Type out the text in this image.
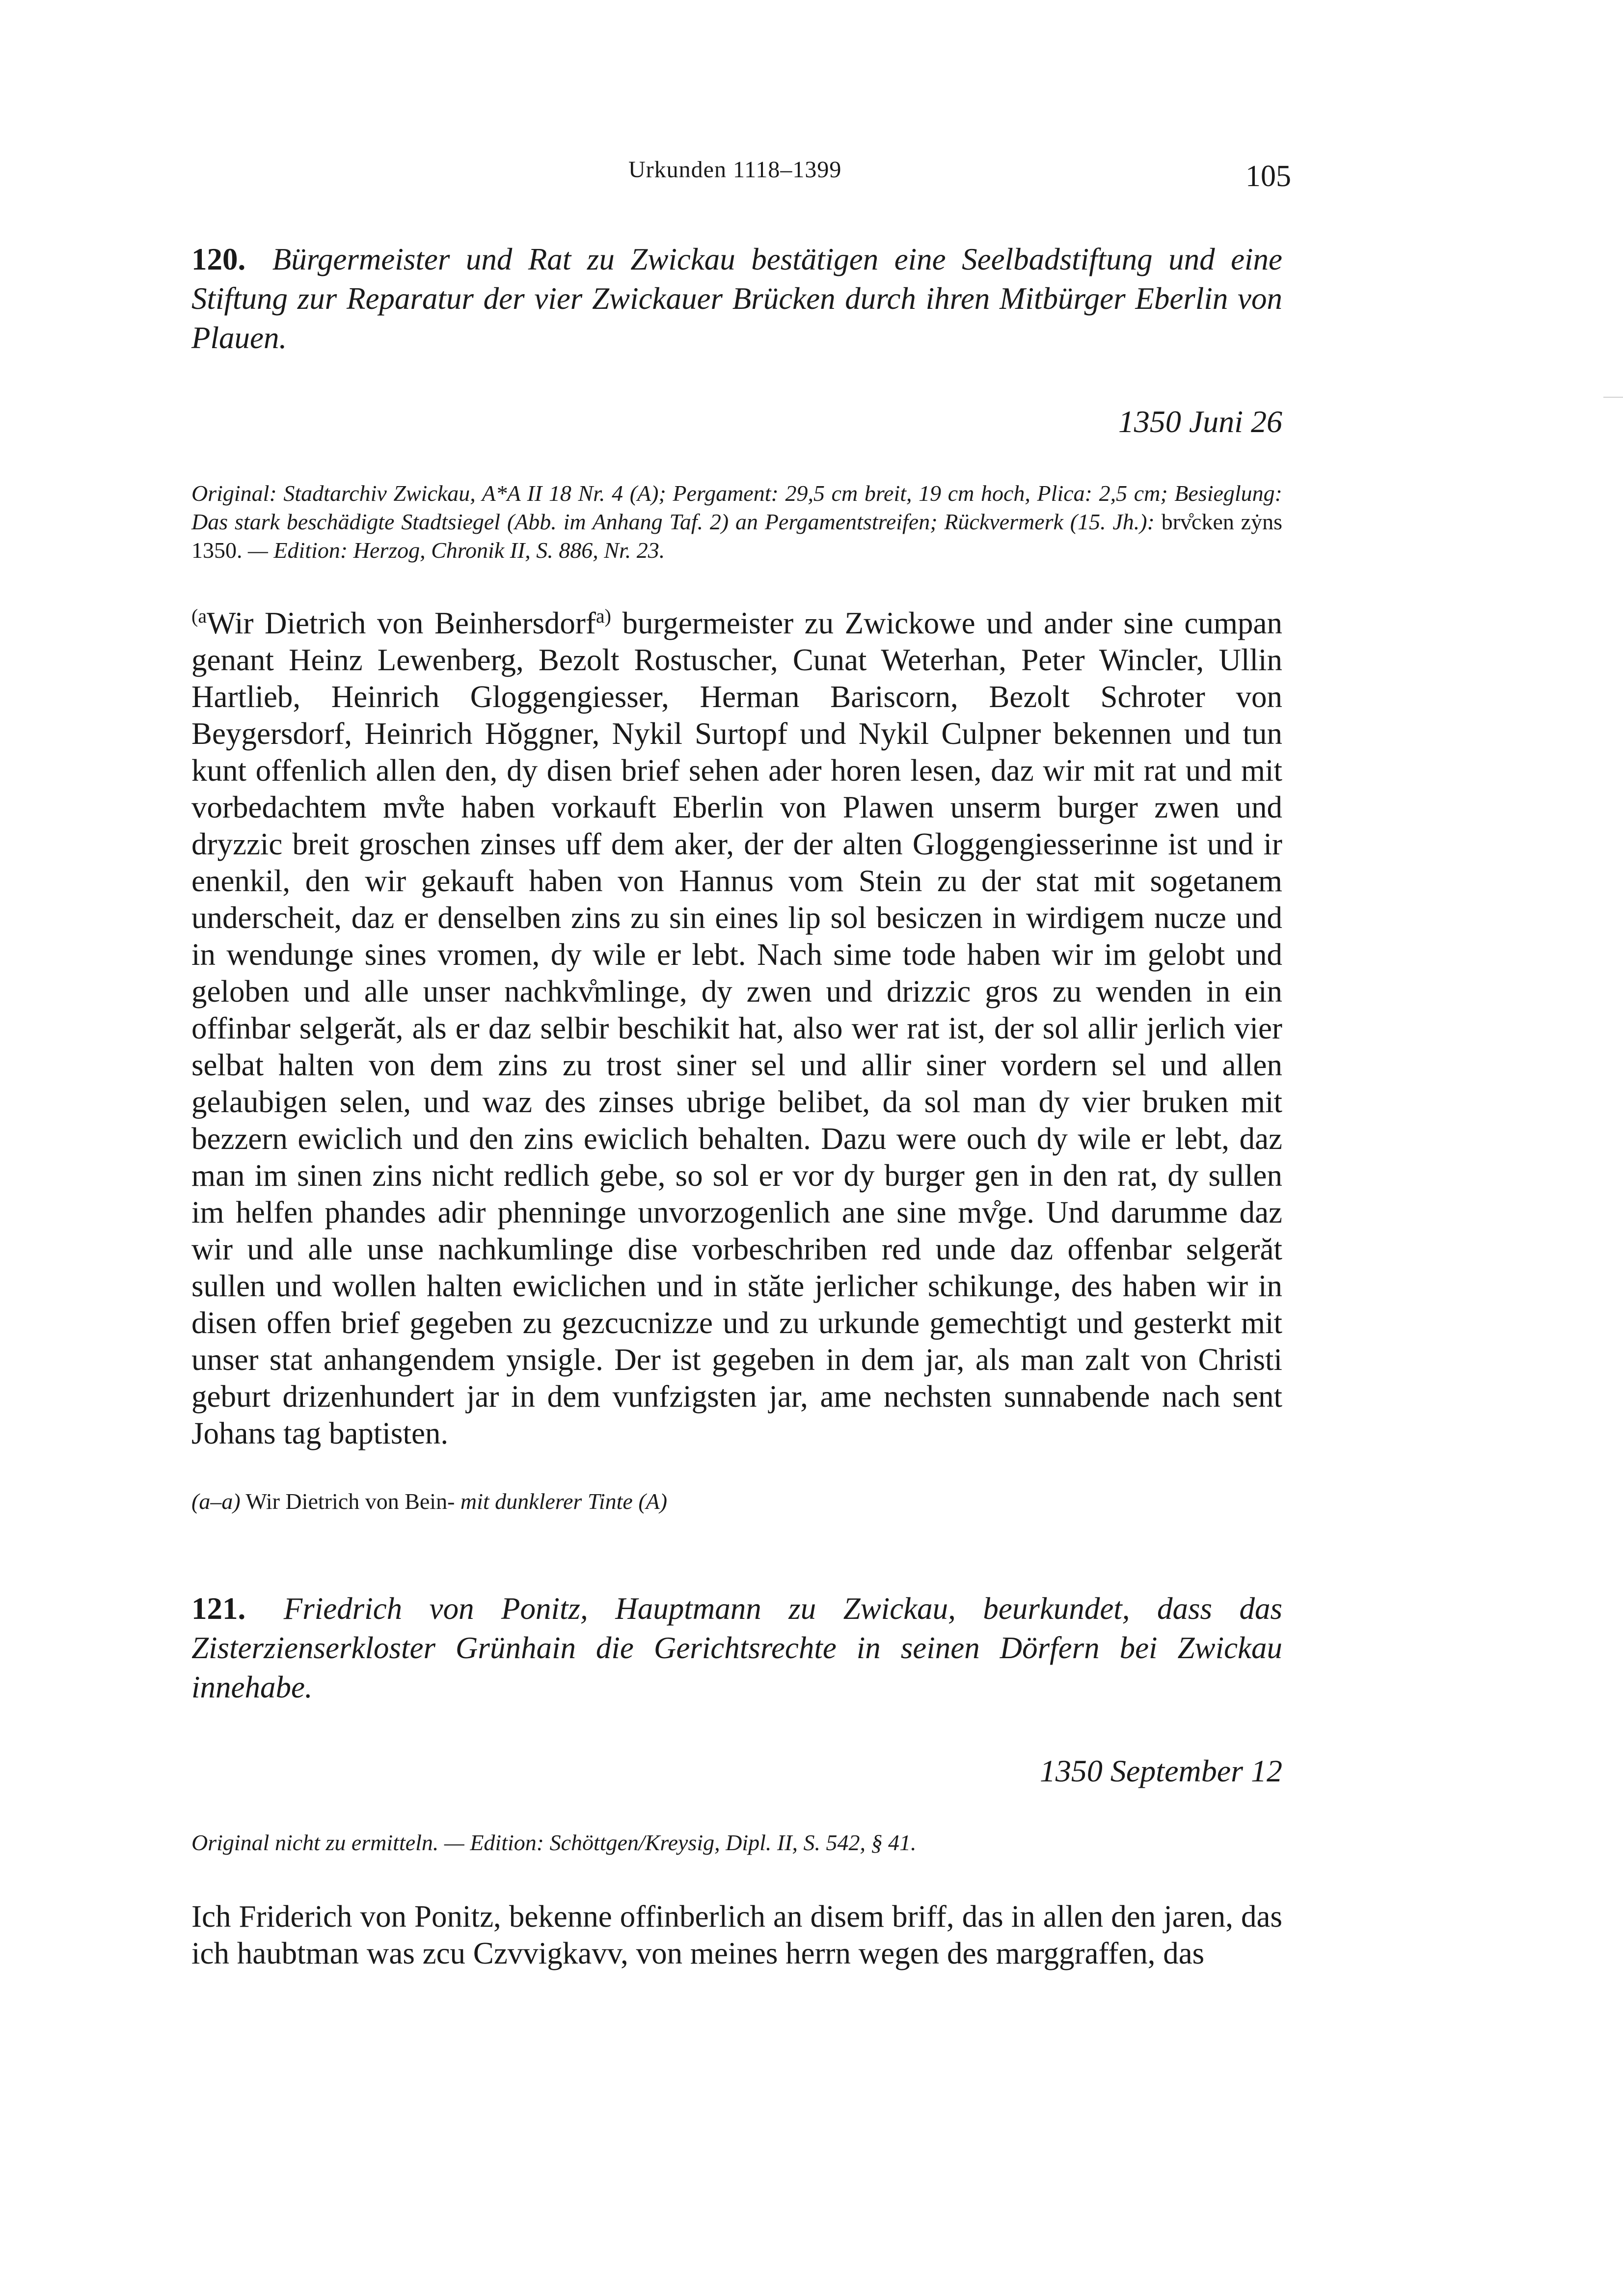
Urkunden 1118–1399	105
120. Bürgermeister und Rat zu Zwickau bestätigen eine Seelbadstiftung und eine Stiftung zur Reparatur der vier Zwickauer Brücken durch ihren Mitbürger Eberlin von Plauen.
1350 Juni 26
Original: Stadtarchiv Zwickau, A*A II 18 Nr. 4 (A); Pergament: 29,5 cm breit, 19 cm hoch, Plica: 2,5 cm; Besieglung: Das stark beschädigte Stadtsiegel (Abb. im Anhang Taf. 2) an Pergamentstreifen; Rückvermerk (15. Jh.): brv̊cken zẏns 1350. — Edition: Herzog, Chronik II, S. 886, Nr. 23.
$^{(a}$Wir Dietrich von Beinhersdorf$^{a)}$ burgermeister zu Zwickowe und ander sine cumpan genant Heinz Lewenberg, Bezolt Rostuscher, Cunat Weterhan, Peter Wincler, Ullin Hartlieb, Heinrich Gloggengiesser, Herman Bariscorn, Bezolt Schroter von Beygersdorf, Heinrich Hŏggner, Nykil Surtopf und Nykil Culpner bekennen und tun kunt offenlich allen den, dy disen brief sehen ader horen lesen, daz wir mit rat und mit vorbedachtem mv̊te haben vorkauft Eberlin von Plawen unserm burger zwen und dryzzic breit groschen zinses uff dem aker, der der alten Gloggengiesserinne ist und ir enenkil, den wir gekauft haben von Hannus vom Stein zu der stat mit sogetanem underscheit, daz er denselben zins zu sin eines lip sol besiczen in wirdigem nucze und in wendunge sines vromen, dy wile er lebt. Nach sime tode haben wir im gelobt und geloben und alle unser nachkv̊mlinge, dy zwen und drizzic gros zu wenden in ein offinbar selgerăt, als er daz selbir beschikit hat, also wer rat ist, der sol allir jerlich vier selbat halten von dem zins zu trost siner sel und allir siner vordern sel und allen gelaubigen selen, und waz des zinses ubrige belibet, da sol man dy vier bruken mit bezzern ewiclich und den zins ewiclich behalten. Dazu were ouch dy wile er lebt, daz man im sinen zins nicht redlich gebe, so sol er vor dy burger gen in den rat, dy sullen im helfen phandes adir phenninge unvorzogenlich ane sine mv̊ge. Und darumme daz wir und alle unse nachkumlinge dise vorbeschriben red unde daz offenbar selgerăt sullen und wollen halten ewiclichen und in stăte jerlicher schikunge, des haben wir in disen offen brief gegeben zu gezcucnizze und zu urkunde gemechtigt und gesterkt mit unser stat anhangendem ynsigle. Der ist gegeben in dem jar, als man zalt von Christi geburt drizenhundert jar in dem vunfzigsten jar, ame nechsten sunnabende nach sent Johans tag baptisten.
(a–a) Wir Dietrich von Bein- mit dunklerer Tinte (A)
121. Friedrich von Ponitz, Hauptmann zu Zwickau, beurkundet, dass das Zisterzienserkloster Grünhain die Gerichtsrechte in seinen Dörfern bei Zwickau innehabe.
1350 September 12
Original nicht zu ermitteln. — Edition: Schöttgen/Kreysig, Dipl. II, S. 542, § 41.
Ich Friderich von Ponitz, bekenne offinberlich an disem briff, das in allen den jaren, das ich haubtman was zcu Czvvigkavv, von meines herrn wegen des marggraffen, das
